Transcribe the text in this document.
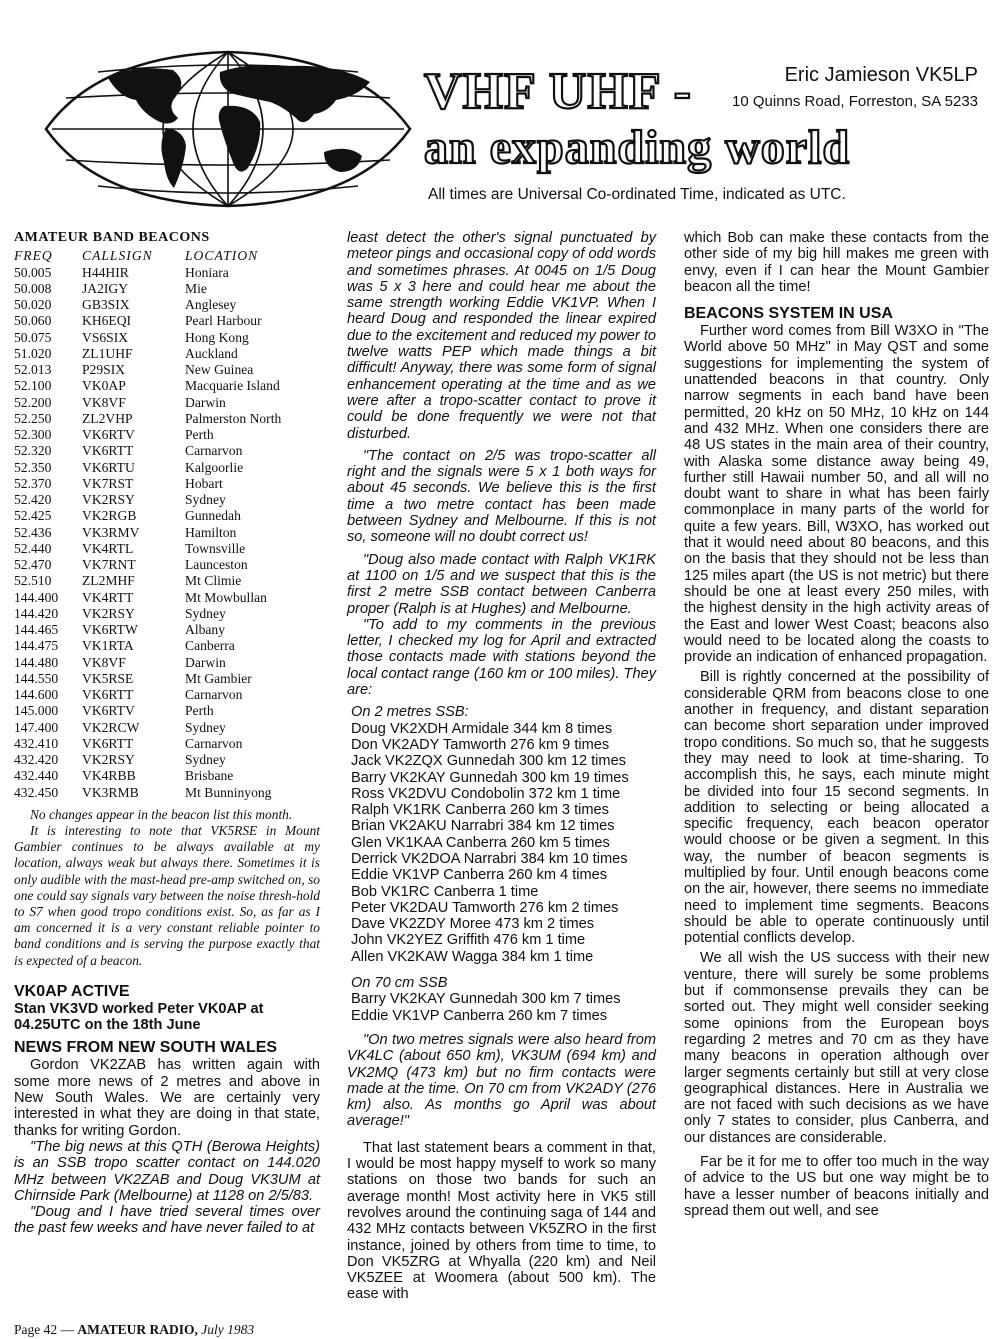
VHF UHF -
an expanding world
Eric Jamieson VK5LP
10 Quinns Road, Forreston, SA 5233
All times are Universal Co-ordinated Time, indicated as UTC.
AMATEUR BAND BEACONS
FREQ	CALLSIGN	LOCATION
50.005	H44HIR	Honiara
50.008	JA2IGY	Mie
50.020	GB3SIX	Anglesey
50.060	KH6EQI	Pearl Harbour
50.075	VS6SIX	Hong Kong
51.020	ZL1UHF	Auckland
52.013	P29SIX	New Guinea
52.100	VK0AP	Macquarie Island
52.200	VK8VF	Darwin
52.250	ZL2VHP	Palmerston North
52.300	VK6RTV	Perth
52.320	VK6RTT	Carnarvon
52.350	VK6RTU	Kalgoorlie
52.370	VK7RST	Hobart
52.420	VK2RSY	Sydney
52.425	VK2RGB	Gunnedah
52.436	VK3RMV	Hamilton
52.440	VK4RTL	Townsville
52.470	VK7RNT	Launceston
52.510	ZL2MHF	Mt Climie
144.400	VK4RTT	Mt Mowbullan
144.420	VK2RSY	Sydney
144.465	VK6RTW	Albany
144.475	VK1RTA	Canberra
144.480	VK8VF	Darwin
144.550	VK5RSE	Mt Gambier
144.600	VK6RTT	Carnarvon
145.000	VK6RTV	Perth
147.400	VK2RCW	Sydney
432.410	VK6RTT	Carnarvon
432.420	VK2RSY	Sydney
432.440	VK4RBB	Brisbane
432.450	VK3RMB	Mt Bunninyong

No changes appear in the beacon list this month.

It is interesting to note that VK5RSE in Mount Gambier continues to be always available at my location, always weak but always there. Sometimes it is only audible with the mast-head pre-amp switched on, so one could say signals vary between the noise thresh-hold to S7 when good tropo conditions exist. So, as far as I am concerned it is a very constant reliable pointer to band conditions and is serving the purpose exactly that is expected of a beacon.

VK0AP ACTIVE
Stan VK3VD worked Peter VK0AP at 04.25UTC on the 18th June
NEWS FROM NEW SOUTH WALES

Gordon VK2ZAB has written again with some more news of 2 metres and above in New South Wales. We are certainly very interested in what they are doing in that state, thanks for writing Gordon.

"The big news at this QTH (Berowa Heights) is an SSB tropo scatter contact on 144.020 MHz between VK2ZAB and Doug VK3UM at Chirnside Park (Melbourne) at 1128 on 2/5/83.

"Doug and I have tried several times over the past few weeks and have never failed to at

least detect the other's signal punctuated by meteor pings and occasional copy of odd words and sometimes phrases. At 0045 on 1/5 Doug was 5 x 3 here and could hear me about the same strength working Eddie VK1VP. When I heard Doug and responded the linear expired due to the excitement and reduced my power to twelve watts PEP which made things a bit difficult! Anyway, there was some form of signal enhancement operating at the time and as we were after a tropo-scatter contact to prove it could be done frequently we were not that disturbed.

"The contact on 2/5 was tropo-scatter all right and the signals were 5 x 1 both ways for about 45 seconds. We believe this is the first time a two metre contact has been made between Sydney and Melbourne. If this is not so, someone will no doubt correct us!

"Doug also made contact with Ralph VK1RK at 1100 on 1/5 and we suspect that this is the first 2 metre SSB contact between Canberra proper (Ralph is at Hughes) and Melbourne.

"To add to my comments in the previous letter, I checked my log for April and extracted those contacts made with stations beyond the local contact range (160 km or 100 miles). They are:

On 2 metres SSB:
Doug VK2XDH Armidale 344 km 8 times
Don VK2ADY Tamworth 276 km 9 times
Jack VK2ZQX Gunnedah 300 km 12 times
Barry VK2KAY Gunnedah 300 km 19 times
Ross VK2DVU Condobolin 372 km 1 time
Ralph VK1RK Canberra 260 km 3 times
Brian VK2AKU Narrabri 384 km 12 times
Glen VK1KAA Canberra 260 km 5 times
Derrick VK2DOA Narrabri 384 km 10 times
Eddie VK1VP Canberra 260 km 4 times
Bob VK1RC Canberra 1 time
Peter VK2DAU Tamworth 276 km 2 times
Dave VK2ZDY Moree 473 km 2 times
John VK2YEZ Griffith 476 km 1 time
Allen VK2KAW Wagga 384 km 1 time
On 70 cm SSB
Barry VK2KAY Gunnedah 300 km 7 times
Eddie VK1VP Canberra 260 km 7 times

"On two metres signals were also heard from VK4LC (about 650 km), VK3UM (694 km) and VK2MQ (473 km) but no firm contacts were made at the time. On 70 cm from VK2ADY (276 km) also. As months go April was about average!"

That last statement bears a comment in that, I would be most happy myself to work so many stations on those two bands for such an average month! Most activity here in VK5 still revolves around the continuing saga of 144 and 432 MHz contacts between VK5ZRO in the first instance, joined by others from time to time, to Don VK5ZRG at Whyalla (220 km) and Neil VK5ZEE at Woomera (about 500 km). The ease with

which Bob can make these contacts from the other side of my big hill makes me green with envy, even if I can hear the Mount Gambier beacon all the time!

BEACONS SYSTEM IN USA

Further word comes from Bill W3XO in "The World above 50 MHz" in May QST and some suggestions for implementing the system of unattended beacons in that country. Only narrow segments in each band have been permitted, 20 kHz on 50 MHz, 10 kHz on 144 and 432 MHz. When one considers there are 48 US states in the main area of their country, with Alaska some distance away being 49, further still Hawaii number 50, and all will no doubt want to share in what has been fairly commonplace in many parts of the world for quite a few years. Bill, W3XO, has worked out that it would need about 80 beacons, and this on the basis that they should not be less than 125 miles apart (the US is not metric) but there should be one at least every 250 miles, with the highest density in the high activity areas of the East and lower West Coast; beacons also would need to be located along the coasts to provide an indication of enhanced propagation.

Bill is rightly concerned at the possibility of considerable QRM from beacons close to one another in frequency, and distant separation can become short separation under improved tropo conditions. So much so, that he suggests they may need to look at time-sharing. To accomplish this, he says, each minute might be divided into four 15 second segments. In addition to selecting or being allocated a specific frequency, each beacon operator would choose or be given a segment. In this way, the number of beacon segments is multiplied by four. Until enough beacons come on the air, however, there seems no immediate need to implement time segments. Beacons should be able to operate continuously until potential conflicts develop.

We all wish the US success with their new venture, there will surely be some problems but if commonsense prevails they can be sorted out. They might well consider seeking some opinions from the European boys regarding 2 metres and 70 cm as they have many beacons in operation although over larger segments certainly but still at very close geographical distances. Here in Australia we are not faced with such decisions as we have only 7 states to consider, plus Canberra, and our distances are considerable.

Far be it for me to offer too much in the way of advice to the US but one way might be to have a lesser number of beacons initially and spread them out well, and see

Page 42 — AMATEUR RADIO, July 1983
